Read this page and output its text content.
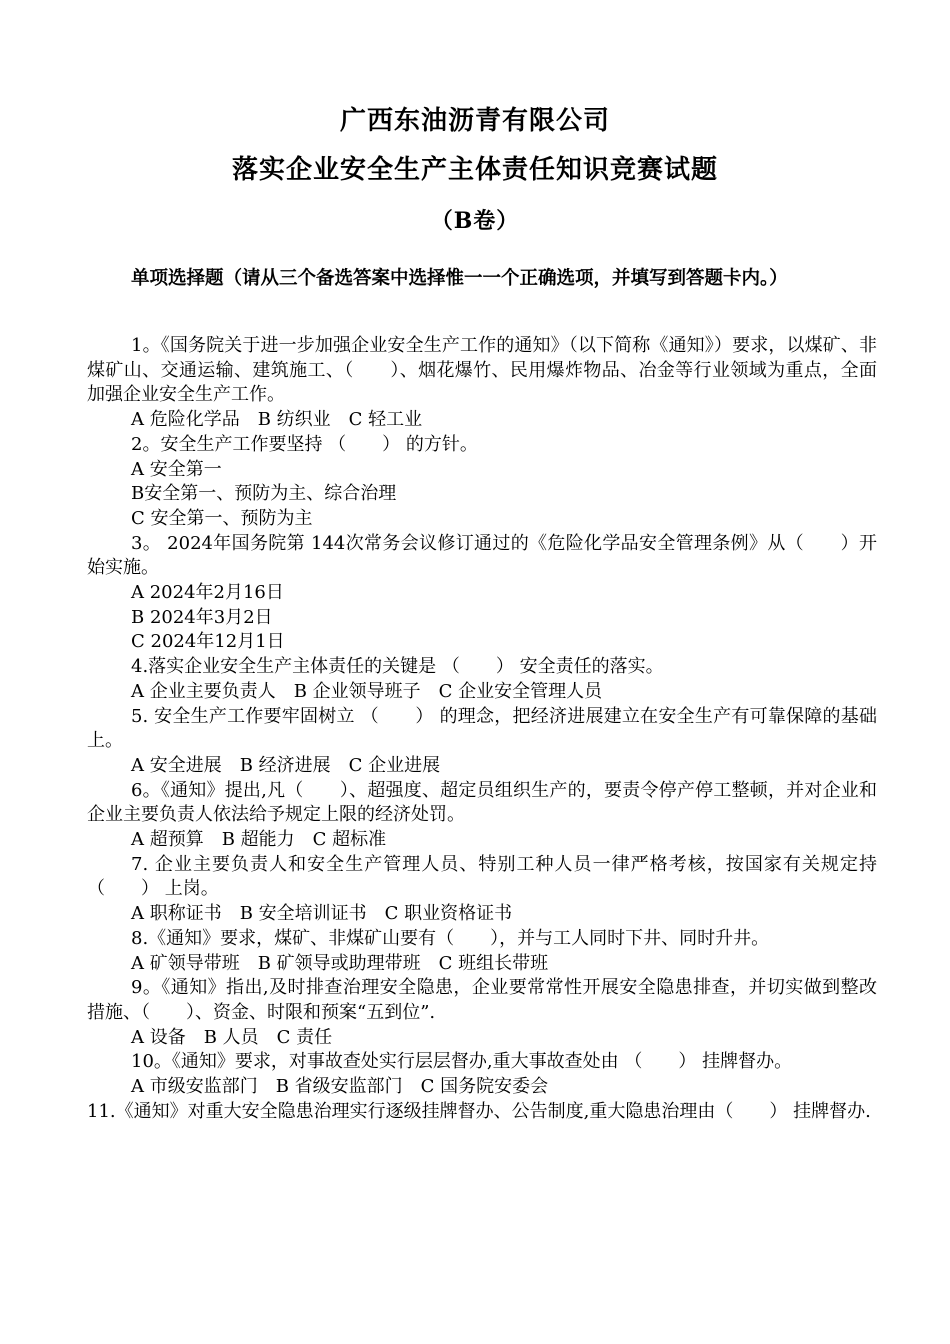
广西东油沥青有限公司
落实企业安全生产主体责任知识竞赛试题
（B卷）
单项选择题（请从三个备选答案中选择惟一一个正确选项，并填写到答题卡内。）

1。《国务院关于进一步加强企业安全生产工作的通知》（以下简称《通知》）要求，以煤矿、非煤矿山、交通运输、建筑施工、（　　）、烟花爆竹、民用爆炸物品、冶金等行业领域为重点，全面加强企业安全生产工作。

A 危险化学品　B 纺织业　C 轻工业

2。安全生产工作要坚持 （　　） 的方针。

A 安全第一

B安全第一、预防为主、综合治理

C 安全第一、预防为主

3。 2024年国务院第 144次常务会议修订通过的《危险化学品安全管理条例》从（　　）开始实施。

A 2024年2月16日

B 2024年3月2日

C 2024年12月1日

4.落实企业安全生产主体责任的关键是 （　　） 安全责任的落实。

A 企业主要负责人　B 企业领导班子　C 企业安全管理人员

5. 安全生产工作要牢固树立 （　　） 的理念，把经济进展建立在安全生产有可靠保障的基础上。

A 安全进展　B 经济进展　C 企业进展

6。《通知》提出,凡（　　）、超强度、超定员组织生产的，要责令停产停工整顿，并对企业和企业主要负责人依法给予规定上限的经济处罚。

A 超预算　B 超能力　C 超标准

7. 企业主要负责人和安全生产管理人员、特别工种人员一律严格考核，按国家有关规定持 （　　） 上岗。

A 职称证书　B 安全培训证书　C 职业资格证书

8.《通知》要求，煤矿、非煤矿山要有（　　），并与工人同时下井、同时升井。

A 矿领导带班　B 矿领导或助理带班　C 班组长带班

9。《通知》指出,及时排查治理安全隐患，企业要常常性开展安全隐患排查，并切实做到整改措施、（　　）、资金、时限和预案“五到位”.

A 设备　B 人员　C 责任

10。《通知》要求，对事故查处实行层层督办,重大事故查处由 （　　） 挂牌督办。

A 市级安监部门　B 省级安监部门　C 国务院安委会

11.《通知》对重大安全隐患治理实行逐级挂牌督办、公告制度,重大隐患治理由（　　） 挂牌督办.
